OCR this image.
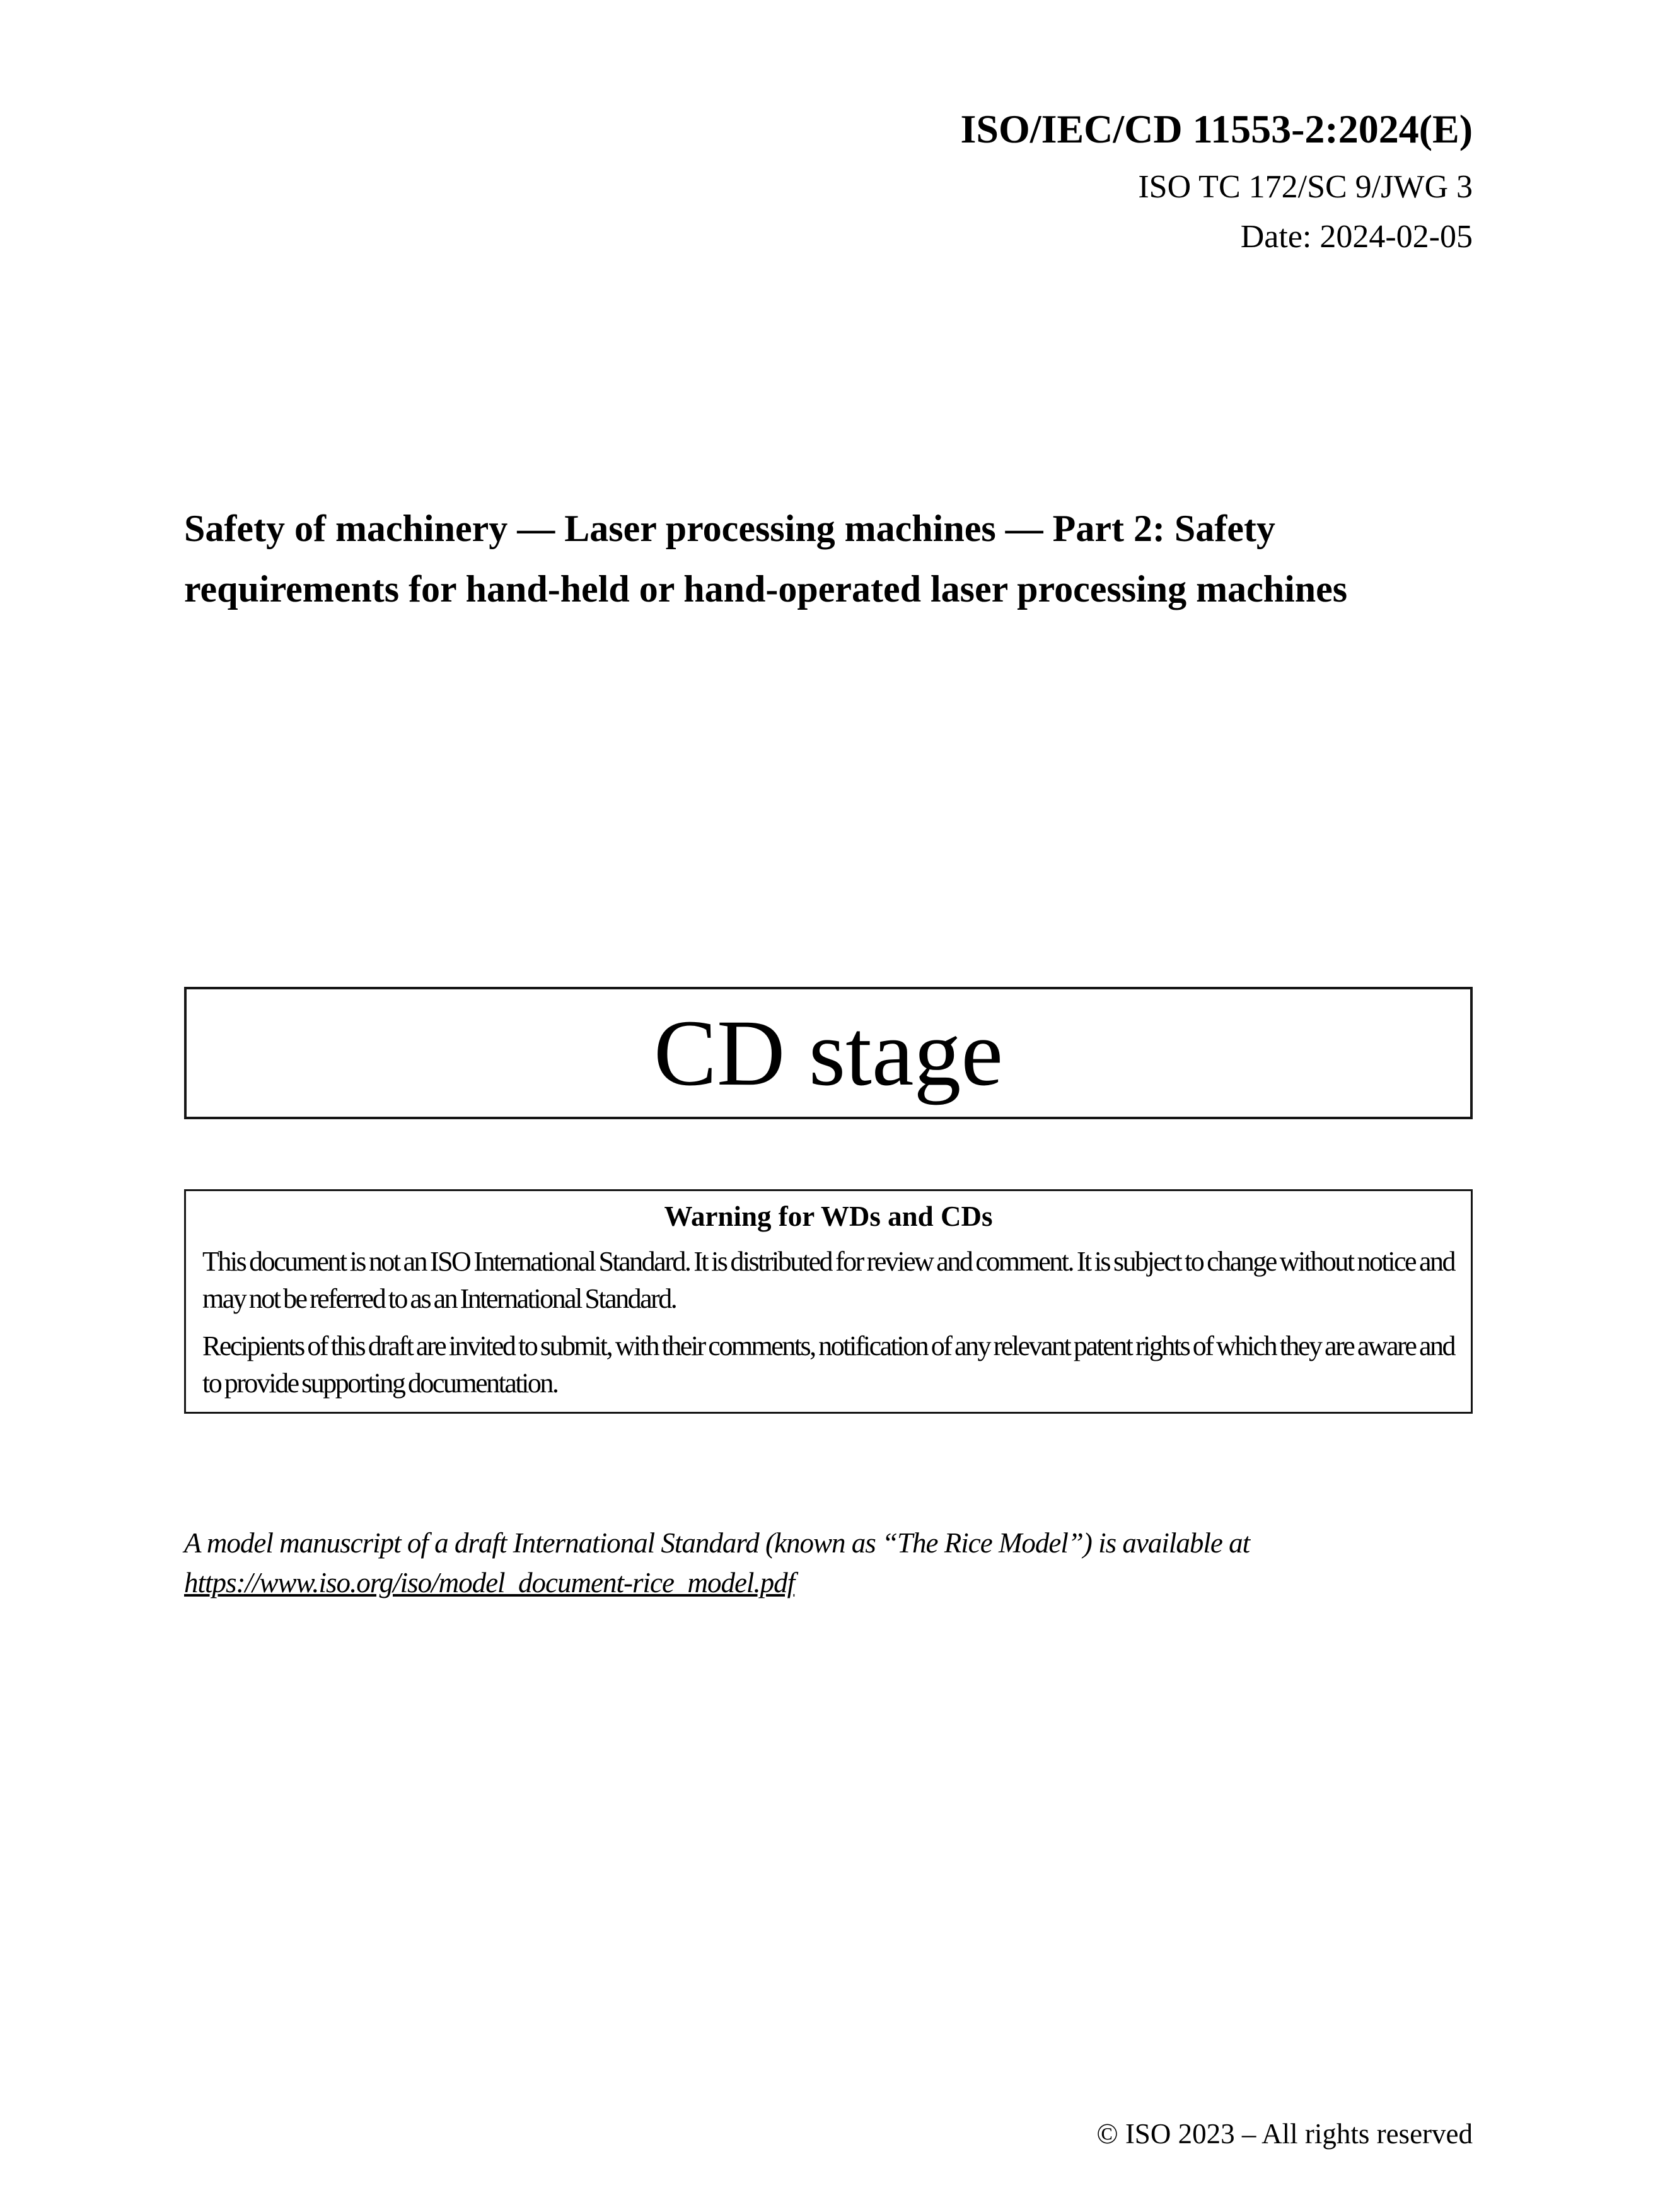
ISO/IEC/CD 11553-2:2024(E)
ISO TC 172/SC 9/JWG 3
Date: 2024-02-05
Safety of machinery — Laser processing machines — Part 2: Safety requirements for hand-held or hand-operated laser processing machines
CD stage
Warning for WDs and CDs

This document is not an ISO International Standard. It is distributed for review and comment. It is subject to change without notice and may not be referred to as an International Standard.

Recipients of this draft are invited to submit, with their comments, notification of any relevant patent rights of which they are aware and to provide supporting documentation.

A model manuscript of a draft International Standard (known as “The Rice Model”) is available at https://www.iso.org/iso/model_document-rice_model.pdf
© ISO 2023 – All rights reserved
